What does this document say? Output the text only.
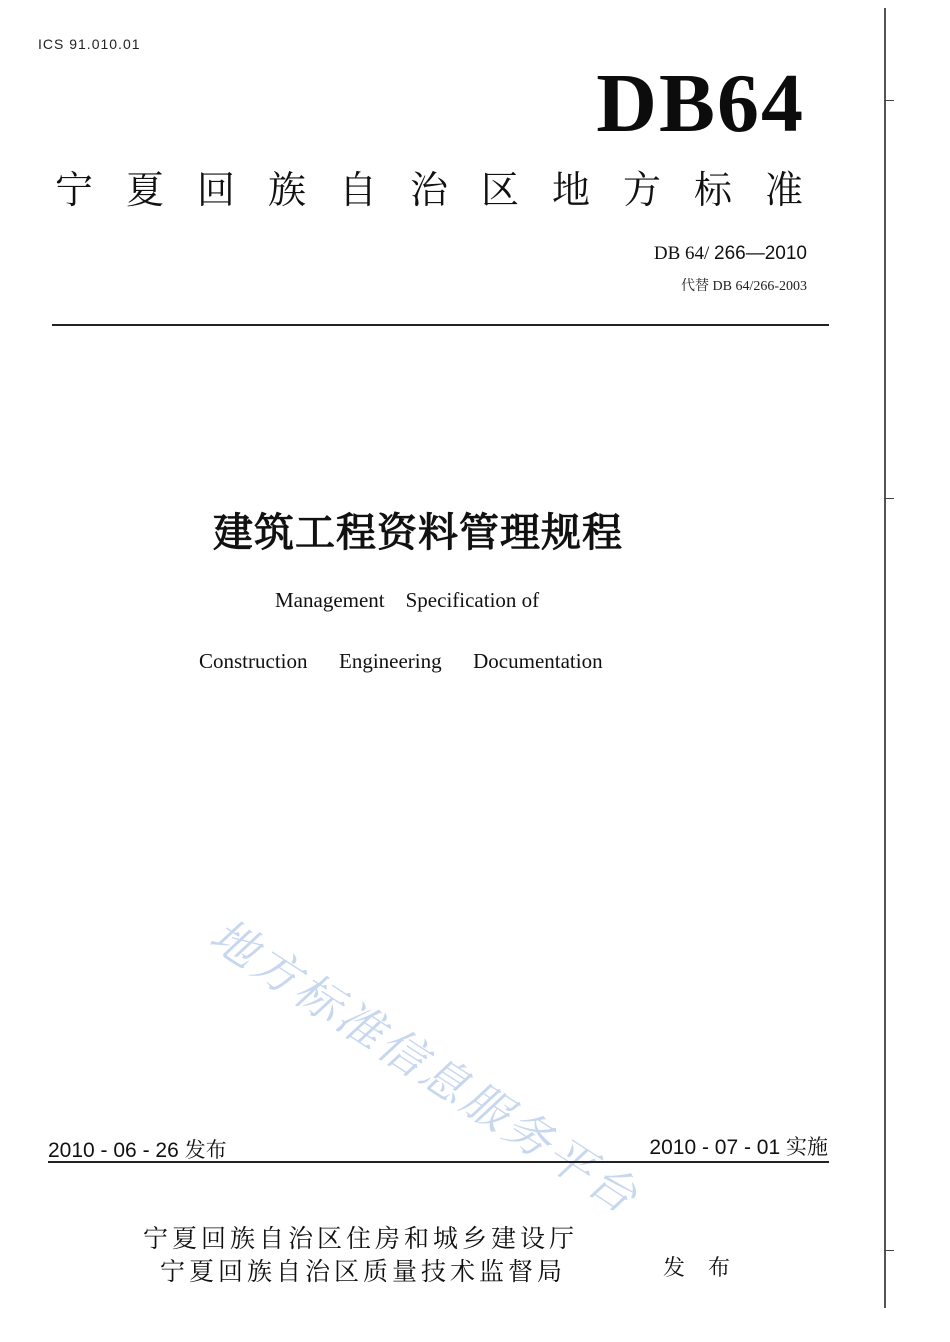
ICS 91.010.01
DB64
宁夏回族自治区地方标准
DB 64/ 266—2010
代替 DB 64/266-2003
建筑工程资料管理规程
Management    Specification of
Construction      Engineering      Documentation
地方标准信息服务平台
2010 - 06 - 26 发布	2010 - 07 - 01 实施
宁夏回族自治区住房和城乡建设厅
宁夏回族自治区质量技术监督局	发 布
